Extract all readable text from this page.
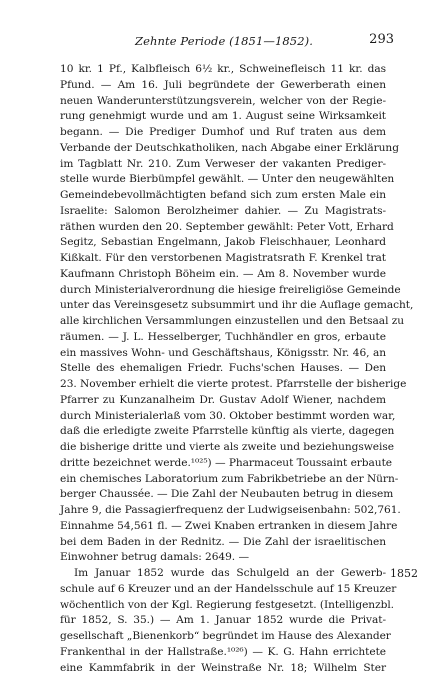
Zehnte Periode (1851—1852).	293
10 kr. 1 Pf., Kalbfleisch 6½ kr., Schweinefleisch 11 kr. das
Pfund. — Am 16. Juli begründete der Gewerberath einen
neuen Wanderunterstützungsverein, welcher von der Regie-
rung genehmigt wurde und am 1. August seine Wirksamkeit
begann. — Die Prediger Dumhof und Ruf traten aus dem
Verbande der Deutschkatholiken, nach Abgabe einer Erklärung
im Tagblatt Nr. 210. Zum Verweser der vakanten Prediger-
stelle wurde Bierbümpfel gewählt. — Unter den neugewählten
Gemeindebevollmächtigten befand sich zum ersten Male ein
Israelite: Salomon Berolzheimer dahier. — Zu Magistrats-
räthen wurden den 20. September gewählt: Peter Vott, Erhard
Segitz, Sebastian Engelmann, Jakob Fleischhauer, Leonhard
Kißkalt. Für den verstorbenen Magistratsrath F. Krenkel trat
Kaufmann Christoph Böheim ein. — Am 8. November wurde
durch Ministerialverordnung die hiesige freireligiöse Gemeinde
unter das Vereinsgesetz subsummirt und ihr die Auflage gemacht,
alle kirchlichen Versammlungen einzustellen und den Betsaal zu
räumen. — J. L. Hesselberger, Tuchhändler en gros, erbaute
ein massives Wohn- und Geschäftshaus, Königsstr. Nr. 46, an
Stelle des ehemaligen Friedr. Fuchs'schen Hauses. — Den
23. November erhielt die vierte protest. Pfarrstelle der bisherige
Pfarrer zu Kunzanalheim Dr. Gustav Adolf Wiener, nachdem
durch Ministerialerlaß vom 30. Oktober bestimmt worden war,
daß die erledigte zweite Pfarrstelle künftig als vierte, dagegen
die bisherige dritte und vierte als zweite und beziehungsweise
dritte bezeichnet werde.¹⁰²⁵) — Pharmaceut Toussaint erbaute
ein chemisches Laboratorium zum Fabrikbetriebe an der Nürn-
berger Chaussée. — Die Zahl der Neubauten betrug in diesem
Jahre 9, die Passagierfrequenz der Ludwigseisenbahn: 502,761.
Einnahme 54,561 fl. — Zwei Knaben ertranken in diesem Jahre
bei dem Baden in der Rednitz. — Die Zahl der israelitischen
Einwohner betrug damals: 2649. —
Im Januar 1852 wurde das Schulgeld an der Gewerb-
schule auf 6 Kreuzer und an der Handelsschule auf 15 Kreuzer
wöchentlich von der Kgl. Regierung festgesetzt. (Intelligenzbl.
für 1852, S. 35.) — Am 1. Januar 1852 wurde die Privat-
gesellschaft „Bienenkorb“ begründet im Hause des Alexander
Frankenthal in der Hallstraße.¹⁰²⁶) — K. G. Hahn errichtete
eine Kammfabrik in der Weinstraße Nr. 18; Wilhelm Ster
1852
